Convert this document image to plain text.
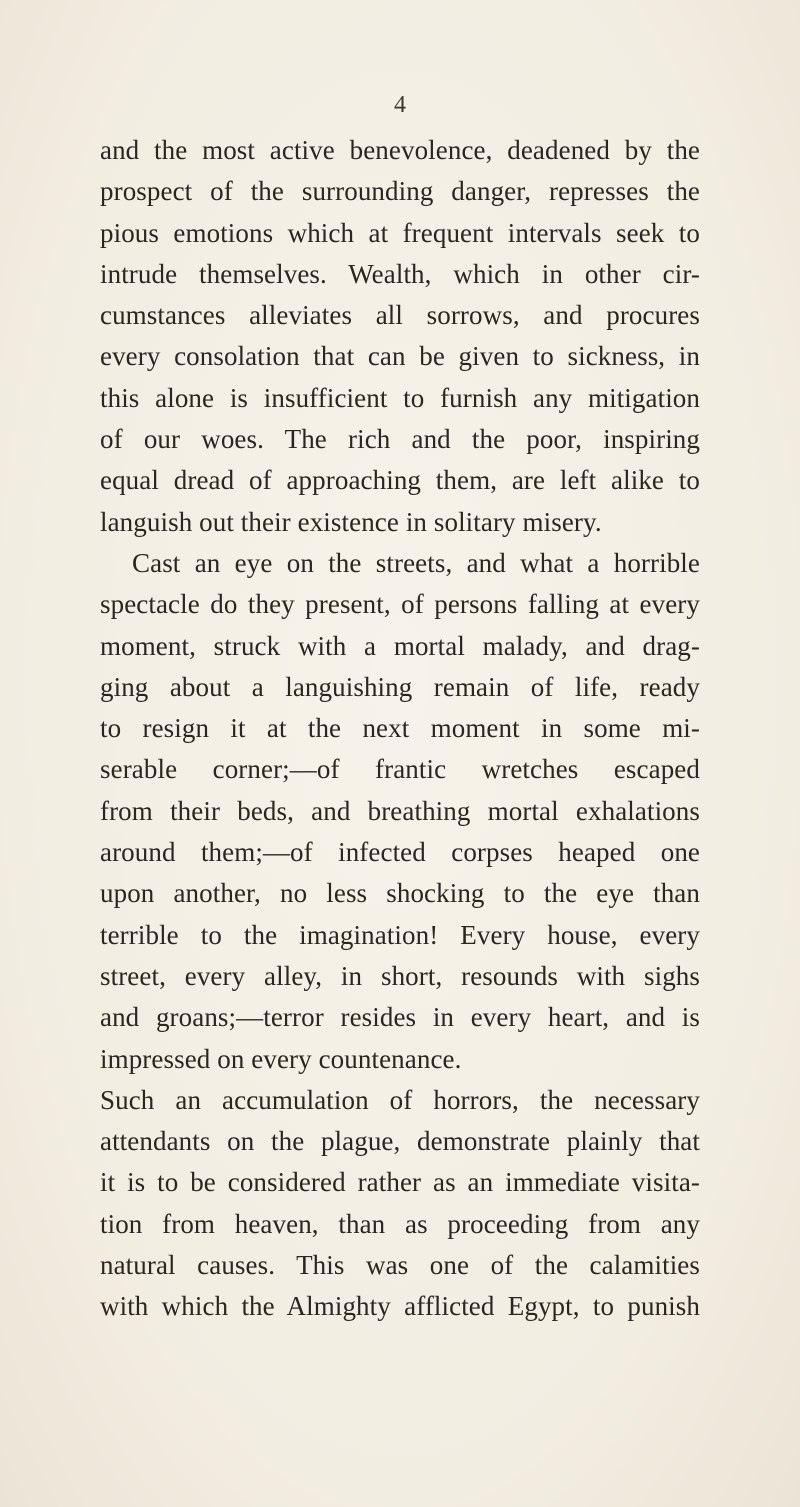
4
and the most active benevolence, deadened by the
prospect of the surrounding danger, represses the
pious emotions which at frequent intervals seek to
intrude themselves. Wealth, which in other cir-
cumstances alleviates all sorrows, and procures
every consolation that can be given to sickness, in
this alone is insufficient to furnish any mitigation
of our woes. The rich and the poor, inspiring
equal dread of approaching them, are left alike to
languish out their existence in solitary misery.
Cast an eye on the streets, and what a horrible
spectacle do they present, of persons falling at every
moment, struck with a mortal malady, and drag-
ging about a languishing remain of life, ready
to resign it at the next moment in some mi-
serable corner;—of frantic wretches escaped
from their beds, and breathing mortal exhalations
around them;—of infected corpses heaped one
upon another, no less shocking to the eye than
terrible to the imagination! Every house, every
street, every alley, in short, resounds with sighs
and groans;—terror resides in every heart, and is
impressed on every countenance.
Such an accumulation of horrors, the necessary
attendants on the plague, demonstrate plainly that
it is to be considered rather as an immediate visita-
tion from heaven, than as proceeding from any
natural causes. This was one of the calamities
with which the Almighty afflicted Egypt, to punish
